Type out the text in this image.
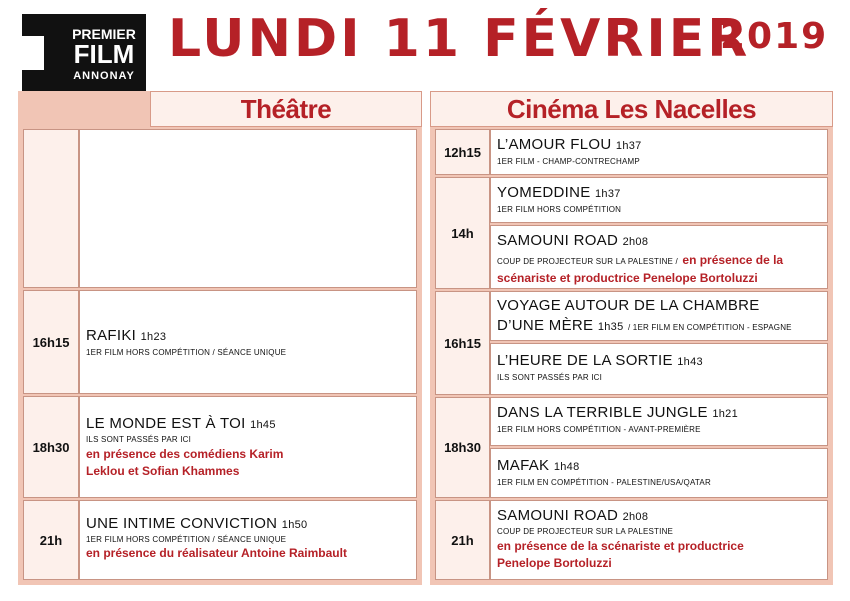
PREMIER
FILM
ANNONAY
LUNDI 11 FÉVRIER
2019
Théâtre
16h15	RAFIKI 1h23
1ER FILM HORS COMPÉTITION / SÉANCE UNIQUE
18h30
LE MONDE EST À TOI 1h45
ILS SONT PASSÉS PAR ICI
en présence des comédiens Karim Leklou et Sofian Khammes
21h
UNE INTIME CONVICTION 1h50
1ER FILM HORS COMPÉTITION / SÉANCE UNIQUE
en présence du réalisateur Antoine Raimbault
Cinéma Les Nacelles
12h15	L’AMOUR FLOU 1h37
1ER FILM - CHAMP-CONTRECHAMP
14h
YOMEDDINE 1h37
1ER FILM HORS COMPÉTITION
SAMOUNI ROAD 2h08
COUP DE PROJECTEUR SUR LA PALESTINE / en présence de la scénariste et productrice Penelope Bortoluzzi
16h15
VOYAGE AUTOUR DE LA CHAMBRE D’UNE MÈRE 1h35 / 1ER FILM EN COMPÉTITION - ESPAGNE
L’HEURE DE LA SORTIE 1h43
ILS SONT PASSÉS PAR ICI
18h30
DANS LA TERRIBLE JUNGLE 1h21
1ER FILM HORS COMPÉTITION - AVANT-PREMIÈRE
MAFAK 1h48
1ER FILM EN COMPÉTITION - PALESTINE/USA/QATAR
21h
SAMOUNI ROAD 2h08
COUP DE PROJECTEUR SUR LA PALESTINE
en présence de la scénariste et productrice Penelope Bortoluzzi
